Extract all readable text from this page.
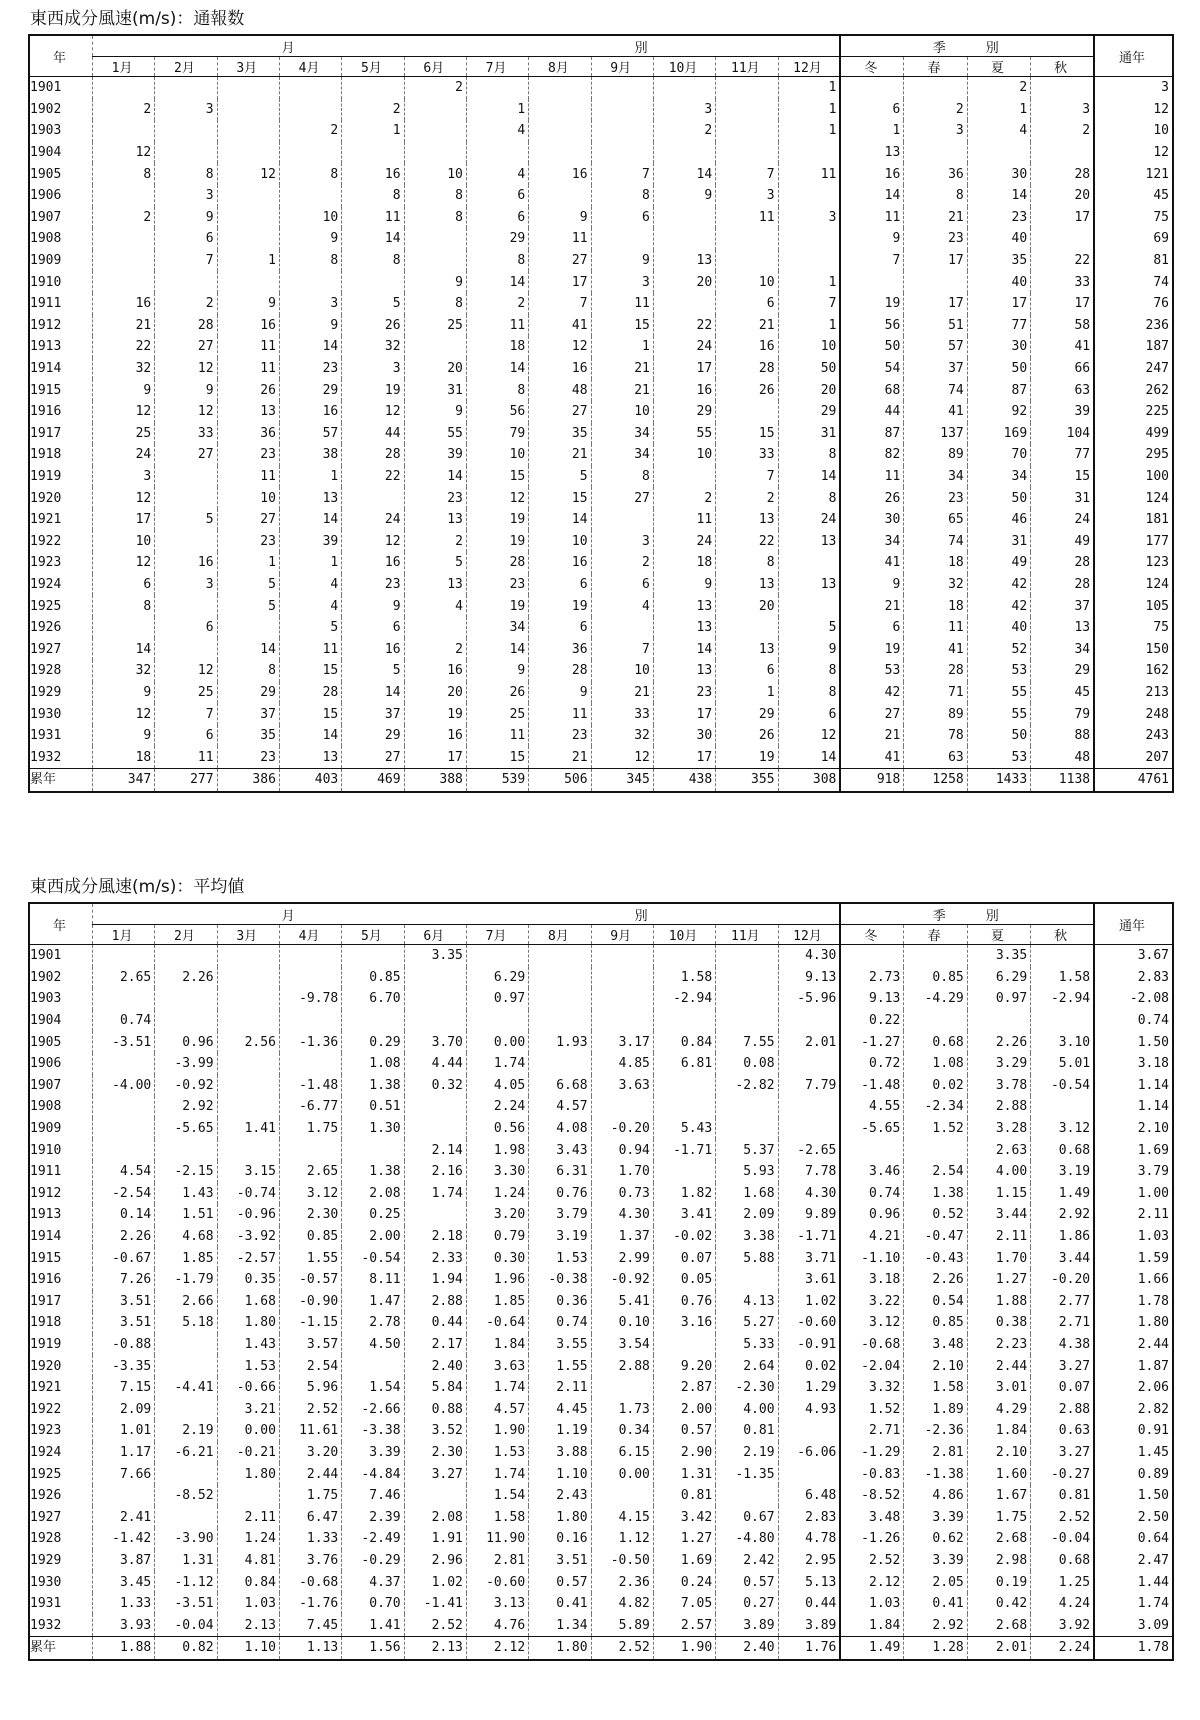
東西成分風速(m/s)：通報数
年	月 別												季 別				通年
	1月	2月	3月	4月	5月	6月	7月	8月	9月	10月	11月	12月	冬	春	夏	秋	
1901						2						1			2		3
1902	2	3			2		1			3		1	6	2	1	3	12
1903				2	1		4			2		1	1	3	4	2	10
1904	12												13				12
1905	8	8	12	8	16	10	4	16	7	14	7	11	16	36	30	28	121
1906		3			8	8	6		8	9	3		14	8	14	20	45
1907	2	9		10	11	8	6	9	6		11	3	11	21	23	17	75
1908		6		9	14		29	11					9	23	40		69
1909		7	1	8	8		8	27	9	13			7	17	35	22	81
1910						9	14	17	3	20	10	1			40	33	74
1911	16	2	9	3	5	8	2	7	11		6	7	19	17	17	17	76
1912	21	28	16	9	26	25	11	41	15	22	21	1	56	51	77	58	236
1913	22	27	11	14	32		18	12	1	24	16	10	50	57	30	41	187
1914	32	12	11	23	3	20	14	16	21	17	28	50	54	37	50	66	247
1915	9	9	26	29	19	31	8	48	21	16	26	20	68	74	87	63	262
1916	12	12	13	16	12	9	56	27	10	29		29	44	41	92	39	225
1917	25	33	36	57	44	55	79	35	34	55	15	31	87	137	169	104	499
1918	24	27	23	38	28	39	10	21	34	10	33	8	82	89	70	77	295
1919	3		11	1	22	14	15	5	8		7	14	11	34	34	15	100
1920	12		10	13		23	12	15	27	2	2	8	26	23	50	31	124
1921	17	5	27	14	24	13	19	14		11	13	24	30	65	46	24	181
1922	10		23	39	12	2	19	10	3	24	22	13	34	74	31	49	177
1923	12	16	1	1	16	5	28	16	2	18	8		41	18	49	28	123
1924	6	3	5	4	23	13	23	6	6	9	13	13	9	32	42	28	124
1925	8		5	4	9	4	19	19	4	13	20		21	18	42	37	105
1926		6		5	6		34	6		13		5	6	11	40	13	75
1927	14		14	11	16	2	14	36	7	14	13	9	19	41	52	34	150
1928	32	12	8	15	5	16	9	28	10	13	6	8	53	28	53	29	162
1929	9	25	29	28	14	20	26	9	21	23	1	8	42	71	55	45	213
1930	12	7	37	15	37	19	25	11	33	17	29	6	27	89	55	79	248
1931	9	6	35	14	29	16	11	23	32	30	26	12	21	78	50	88	243
1932	18	11	23	13	27	17	15	21	12	17	19	14	41	63	53	48	207
累年	347	277	386	403	469	388	539	506	345	438	355	308	918	1258	1433	1138	4761
東西成分風速(m/s)：平均値
年	月 別												季 別				通年
	1月	2月	3月	4月	5月	6月	7月	8月	9月	10月	11月	12月	冬	春	夏	秋	
1901						3.35						4.30			3.35		3.67
1902	2.65	2.26			0.85		6.29			1.58		9.13	2.73	0.85	6.29	1.58	2.83
1903				-9.78	6.70		0.97			-2.94		-5.96	9.13	-4.29	0.97	-2.94	-2.08
1904	0.74												0.22				0.74
1905	-3.51	0.96	2.56	-1.36	0.29	3.70	0.00	1.93	3.17	0.84	7.55	2.01	-1.27	0.68	2.26	3.10	1.50
1906		-3.99			1.08	4.44	1.74		4.85	6.81	0.08		0.72	1.08	3.29	5.01	3.18
1907	-4.00	-0.92		-1.48	1.38	0.32	4.05	6.68	3.63		-2.82	7.79	-1.48	0.02	3.78	-0.54	1.14
1908		2.92		-6.77	0.51		2.24	4.57					4.55	-2.34	2.88		1.14
1909		-5.65	1.41	1.75	1.30		0.56	4.08	-0.20	5.43			-5.65	1.52	3.28	3.12	2.10
1910						2.14	1.98	3.43	0.94	-1.71	5.37	-2.65			2.63	0.68	1.69
1911	4.54	-2.15	3.15	2.65	1.38	2.16	3.30	6.31	1.70		5.93	7.78	3.46	2.54	4.00	3.19	3.79
1912	-2.54	1.43	-0.74	3.12	2.08	1.74	1.24	0.76	0.73	1.82	1.68	4.30	0.74	1.38	1.15	1.49	1.00
1913	0.14	1.51	-0.96	2.30	0.25		3.20	3.79	4.30	3.41	2.09	9.89	0.96	0.52	3.44	2.92	2.11
1914	2.26	4.68	-3.92	0.85	2.00	2.18	0.79	3.19	1.37	-0.02	3.38	-1.71	4.21	-0.47	2.11	1.86	1.03
1915	-0.67	1.85	-2.57	1.55	-0.54	2.33	0.30	1.53	2.99	0.07	5.88	3.71	-1.10	-0.43	1.70	3.44	1.59
1916	7.26	-1.79	0.35	-0.57	8.11	1.94	1.96	-0.38	-0.92	0.05		3.61	3.18	2.26	1.27	-0.20	1.66
1917	3.51	2.66	1.68	-0.90	1.47	2.88	1.85	0.36	5.41	0.76	4.13	1.02	3.22	0.54	1.88	2.77	1.78
1918	3.51	5.18	1.80	-1.15	2.78	0.44	-0.64	0.74	0.10	3.16	5.27	-0.60	3.12	0.85	0.38	2.71	1.80
1919	-0.88		1.43	3.57	4.50	2.17	1.84	3.55	3.54		5.33	-0.91	-0.68	3.48	2.23	4.38	2.44
1920	-3.35		1.53	2.54		2.40	3.63	1.55	2.88	9.20	2.64	0.02	-2.04	2.10	2.44	3.27	1.87
1921	7.15	-4.41	-0.66	5.96	1.54	5.84	1.74	2.11		2.87	-2.30	1.29	3.32	1.58	3.01	0.07	2.06
1922	2.09		3.21	2.52	-2.66	0.88	4.57	4.45	1.73	2.00	4.00	4.93	1.52	1.89	4.29	2.88	2.82
1923	1.01	2.19	0.00	11.61	-3.38	3.52	1.90	1.19	0.34	0.57	0.81		2.71	-2.36	1.84	0.63	0.91
1924	1.17	-6.21	-0.21	3.20	3.39	2.30	1.53	3.88	6.15	2.90	2.19	-6.06	-1.29	2.81	2.10	3.27	1.45
1925	7.66		1.80	2.44	-4.84	3.27	1.74	1.10	0.00	1.31	-1.35		-0.83	-1.38	1.60	-0.27	0.89
1926		-8.52		1.75	7.46		1.54	2.43		0.81		6.48	-8.52	4.86	1.67	0.81	1.50
1927	2.41		2.11	6.47	2.39	2.08	1.58	1.80	4.15	3.42	0.67	2.83	3.48	3.39	1.75	2.52	2.50
1928	-1.42	-3.90	1.24	1.33	-2.49	1.91	11.90	0.16	1.12	1.27	-4.80	4.78	-1.26	0.62	2.68	-0.04	0.64
1929	3.87	1.31	4.81	3.76	-0.29	2.96	2.81	3.51	-0.50	1.69	2.42	2.95	2.52	3.39	2.98	0.68	2.47
1930	3.45	-1.12	0.84	-0.68	4.37	1.02	-0.60	0.57	2.36	0.24	0.57	5.13	2.12	2.05	0.19	1.25	1.44
1931	1.33	-3.51	1.03	-1.76	0.70	-1.41	3.13	0.41	4.82	7.05	0.27	0.44	1.03	0.41	0.42	4.24	1.74
1932	3.93	-0.04	2.13	7.45	1.41	2.52	4.76	1.34	5.89	2.57	3.89	3.89	1.84	2.92	2.68	3.92	3.09
累年	1.88	0.82	1.10	1.13	1.56	2.13	2.12	1.80	2.52	1.90	2.40	1.76	1.49	1.28	2.01	2.24	1.78
